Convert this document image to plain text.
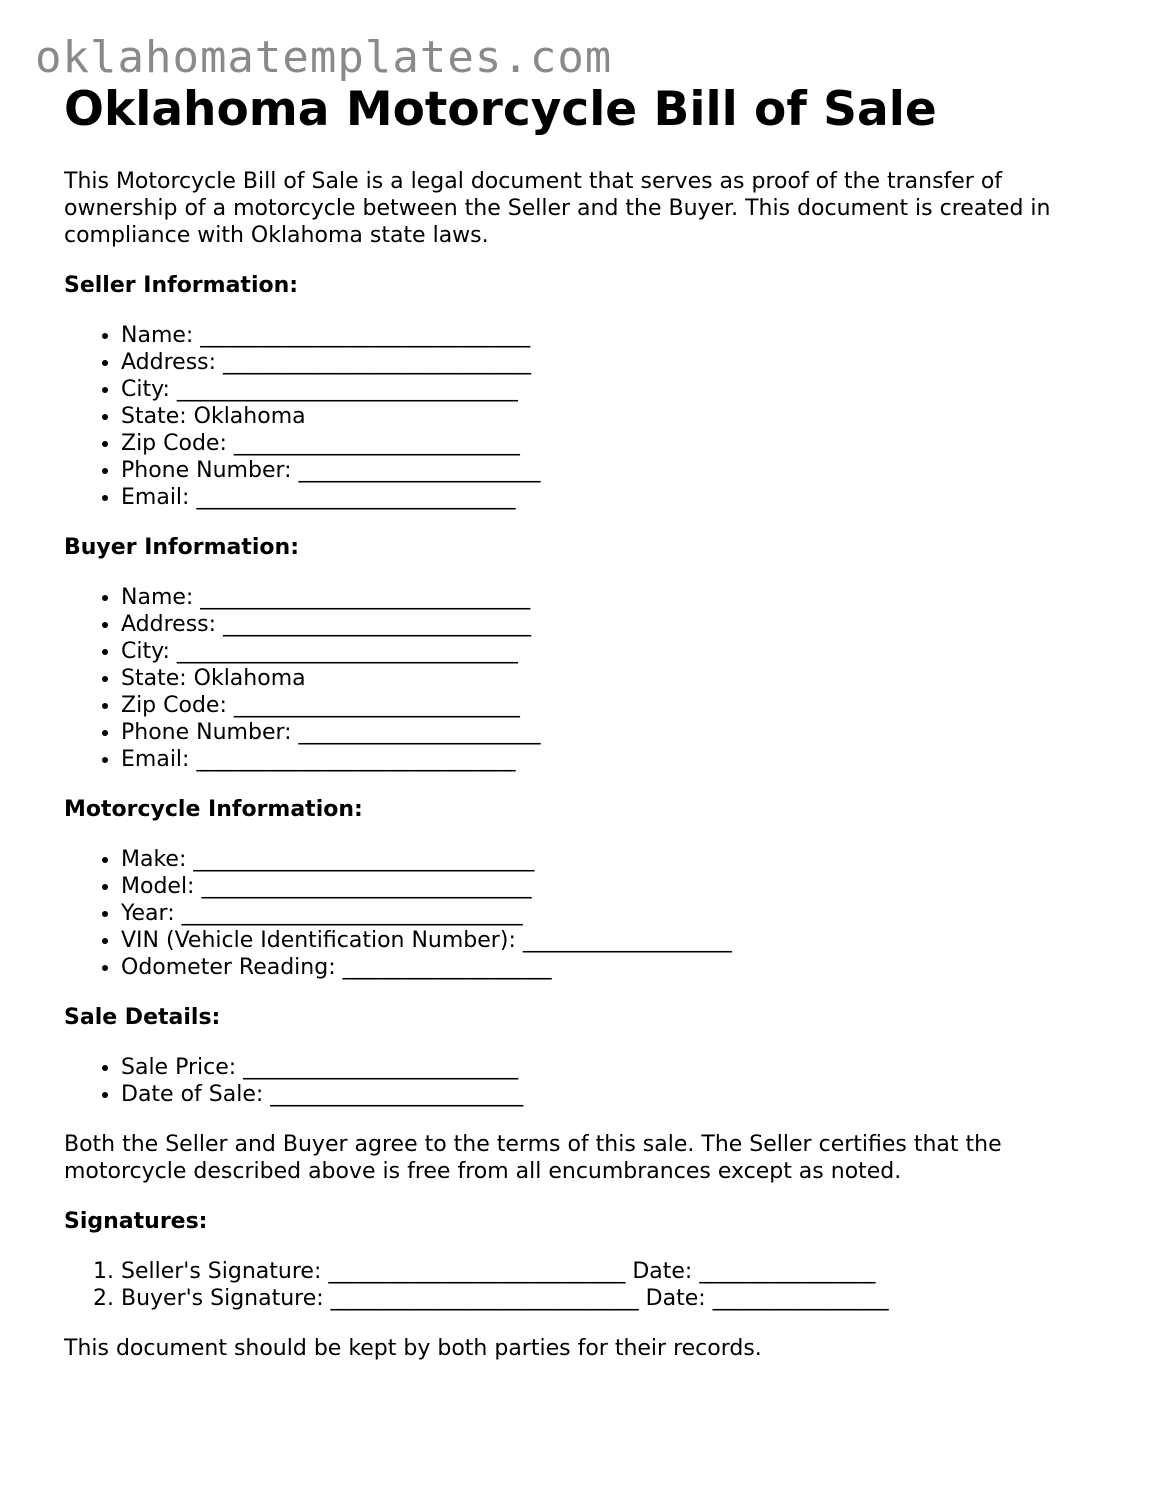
oklahomatemplates.com
Oklahoma Motorcycle Bill of Sale

This Motorcycle Bill of Sale is a legal document that serves as proof of the transfer of ownership of a motorcycle between the Seller and the Buyer. This document is created in compliance with Oklahoma state laws.

Seller Information:
• Name: ______________________________
• Address: ____________________________
• City: _______________________________
• State: Oklahoma
• Zip Code: __________________________
• Phone Number: ______________________
• Email: _____________________________
Buyer Information:
• Name: ______________________________
• Address: ____________________________
• City: _______________________________
• State: Oklahoma
• Zip Code: __________________________
• Phone Number: ______________________
• Email: _____________________________
Motorcycle Information:
• Make: _______________________________
• Model: ______________________________
• Year: _______________________________
• VIN (Vehicle Identification Number): ___________________
• Odometer Reading: ___________________
Sale Details:
• Sale Price: _________________________
• Date of Sale: _______________________

Both the Seller and Buyer agree to the terms of this sale. The Seller certifies that the motorcycle described above is free from all encumbrances except as noted.

Signatures:
1. Seller's Signature: ___________________________ Date: ________________
2. Buyer's Signature: ____________________________ Date: ________________

This document should be kept by both parties for their records.
